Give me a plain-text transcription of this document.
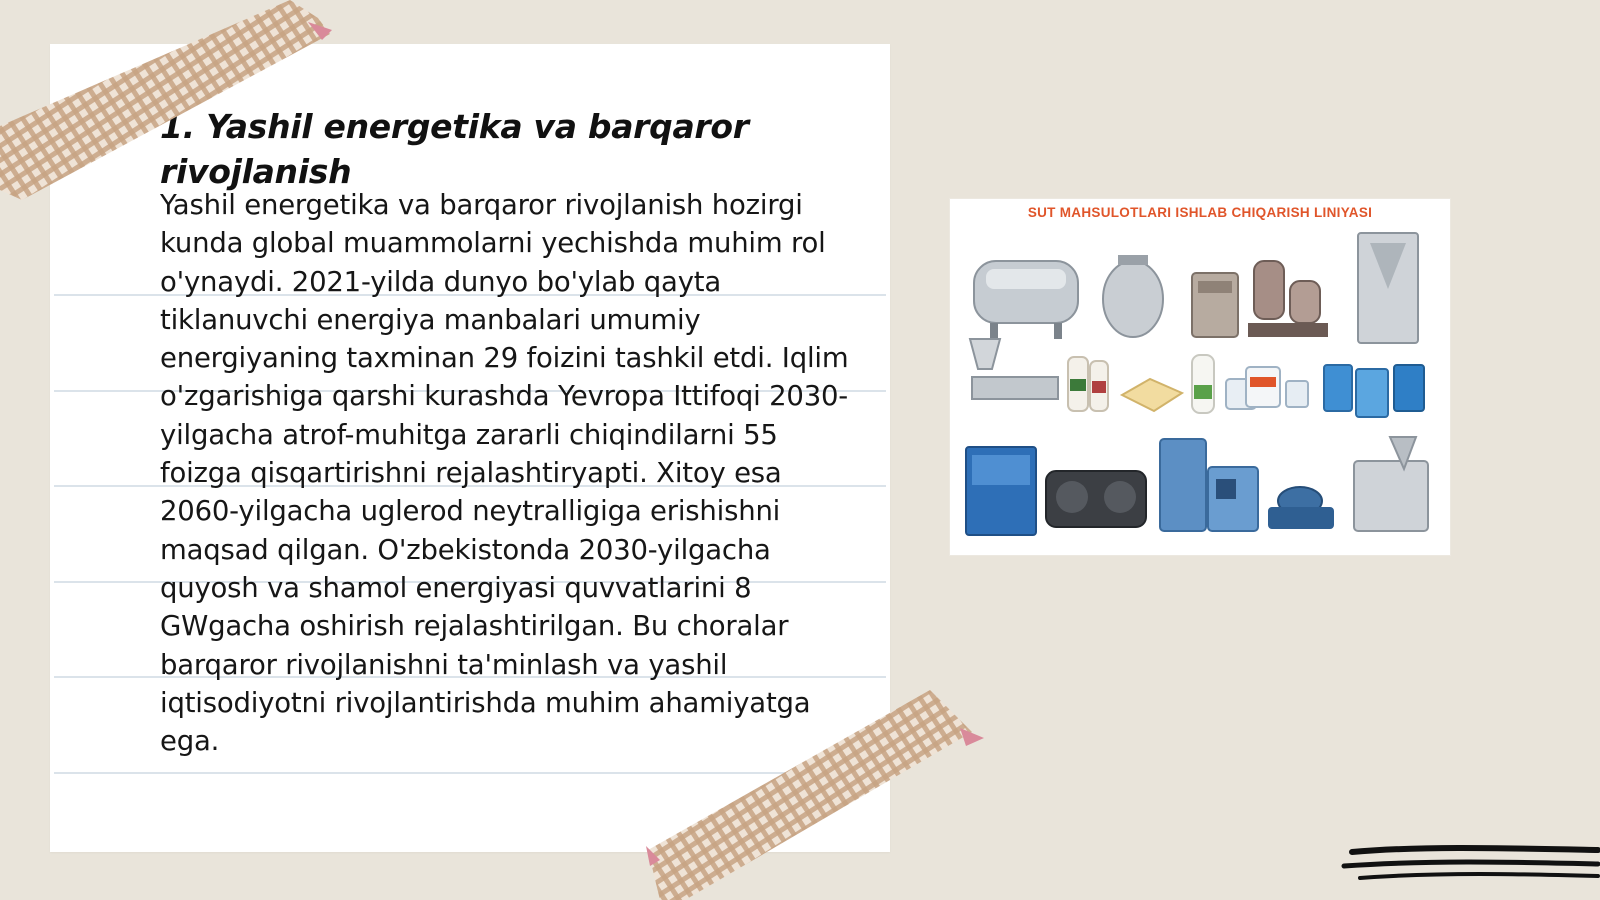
1. Yashil energetika va barqaror rivojlanish

Yashil energetika va barqaror rivojlanish hozirgi kunda global muammolarni yechishda muhim rol o'ynaydi. 2021-yilda dunyo bo'ylab qayta tiklanuvchi energiya manbalari umumiy energiyaning taxminan 29 foizini tashkil etdi. Iqlim o'zgarishiga qarshi kurashda Yevropa Ittifoqi 2030-yilgacha atrof-muhitga zararli chiqindilarni 55 foizga qisqartirishni rejalashtiryapti. Xitoy esa 2060-yilgacha uglerod neytralligiga erishishni maqsad qilgan. O'zbekistonda 2030-yilgacha quyosh va shamol energiyasi quvvatlarini 8 GWgacha oshirish rejalashtirilgan. Bu choralar barqaror rivojlanishni ta'minlash va yashil iqtisodiyotni rivojlantirishda muhim ahamiyatga ega.

SUT MAHSULOTLARI ISHLAB CHIQARISH LINIYASI
